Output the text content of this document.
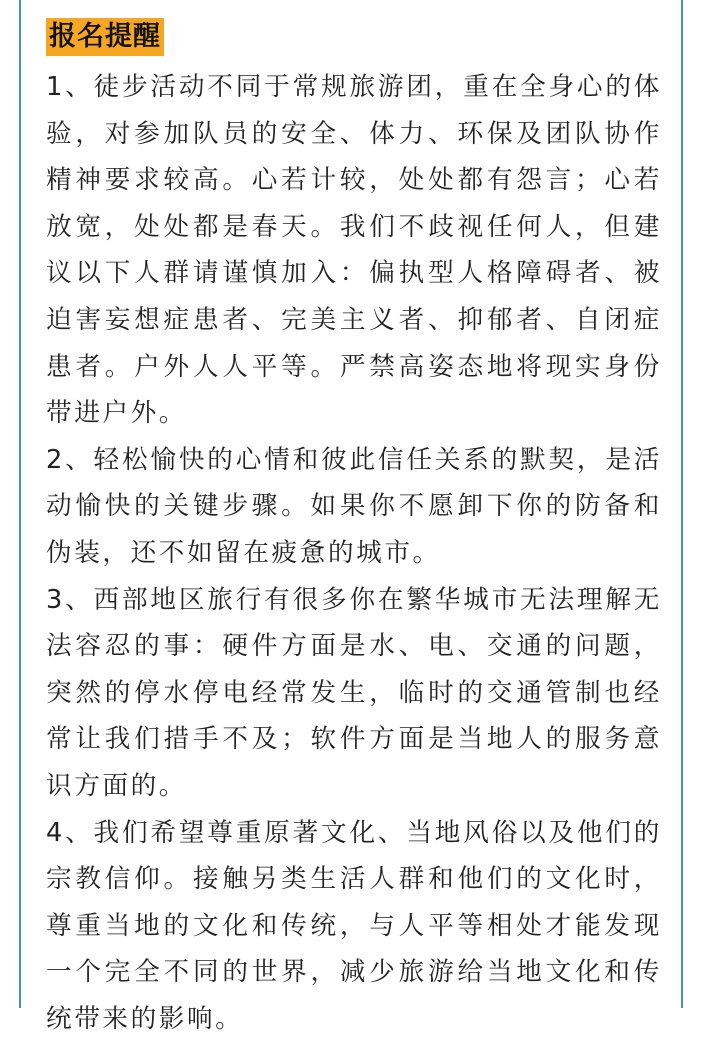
报名提醒

1、徒步活动不同于常规旅游团，重在全身心的体验，对参加队员的安全、体力、环保及团队协作精神要求较高。心若计较，处处都有怨言；心若放宽，处处都是春天。我们不歧视任何人，但建议以下人群请谨慎加入：偏执型人格障碍者、被迫害妄想症患者、完美主义者、抑郁者、自闭症患者。户外人人平等。严禁高姿态地将现实身份带进户外。

2、轻松愉快的心情和彼此信任关系的默契，是活动愉快的关键步骤。如果你不愿卸下你的防备和伪装，还不如留在疲惫的城市。

3、西部地区旅行有很多你在繁华城市无法理解无法容忍的事：硬件方面是水、电、交通的问题，突然的停水停电经常发生，临时的交通管制也经常让我们措手不及；软件方面是当地人的服务意识方面的。

4、我们希望尊重原著文化、当地风俗以及他们的宗教信仰。接触另类生活人群和他们的文化时，尊重当地的文化和传统，与人平等相处才能发现一个完全不同的世界，减少旅游给当地文化和传统带来的影响。
